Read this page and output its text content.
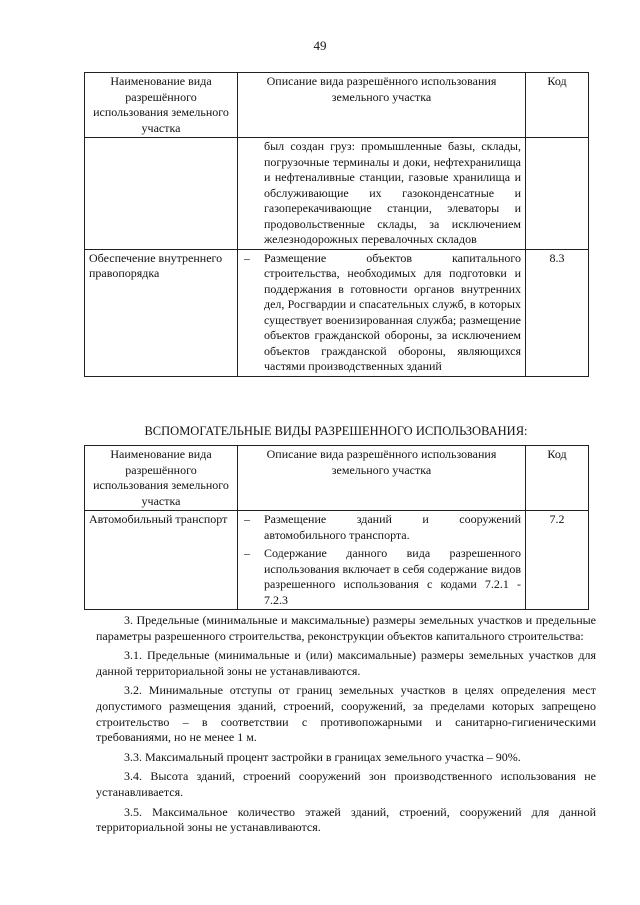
49
Наименование вида разрешённого использования земельного участка	Описание вида разрешённого использования земельного участка	Код

	был создан груз: промышленные базы, склады, погрузочные терминалы и доки, нефтехранилища и нефтеналивные станции, газовые хранилища и обслуживающие их газоконденсатные и газоперекачивающие станции, элеваторы и продовольственные склады, за исключением железнодорожных перевалочных складов	

Обеспечение внутреннего правопорядка	– Размещение объектов капитального строительства, необходимых для подготовки и поддержания в готовности органов внутренних дел, Росгвардии и спасательных служб, в которых существует военизированная служба; размещение объектов гражданской обороны, за исключением объектов гражданской обороны, являющихся частями производственных зданий	8.3
ВСПОМОГАТЕЛЬНЫЕ ВИДЫ РАЗРЕШЕННОГО ИСПОЛЬЗОВАНИЯ:
Наименование вида разрешённого использования земельного участка	Описание вида разрешённого использования земельного участка	Код
Автомобильный транспорт	– Размещение зданий и сооружений автомобильного транспорта.
– Содержание данного вида разрешенного использования включает в себя содержание видов разрешенного использования с кодами 7.2.1 - 7.2.3	7.2

3. Предельные (минимальные и максимальные) размеры земельных участков и предельные параметры разрешенного строительства, реконструкции объектов капитального строительства:

3.1. Предельные (минимальные и (или) максимальные) размеры земельных участков для данной территориальной зоны не устанавливаются.

3.2. Минимальные отступы от границ земельных участков в целях определения мест допустимого размещения зданий, строений, сооружений, за пределами которых запрещено строительство – в соответствии с противопожарными и санитарно-гигиеническими требованиями, но не менее 1 м.

3.3. Максимальный процент застройки в границах земельного участка – 90%.

3.4. Высота зданий, строений сооружений зон производственного использования не устанавливается.

3.5. Максимальное количество этажей зданий, строений, сооружений для данной территориальной зоны не устанавливаются.
